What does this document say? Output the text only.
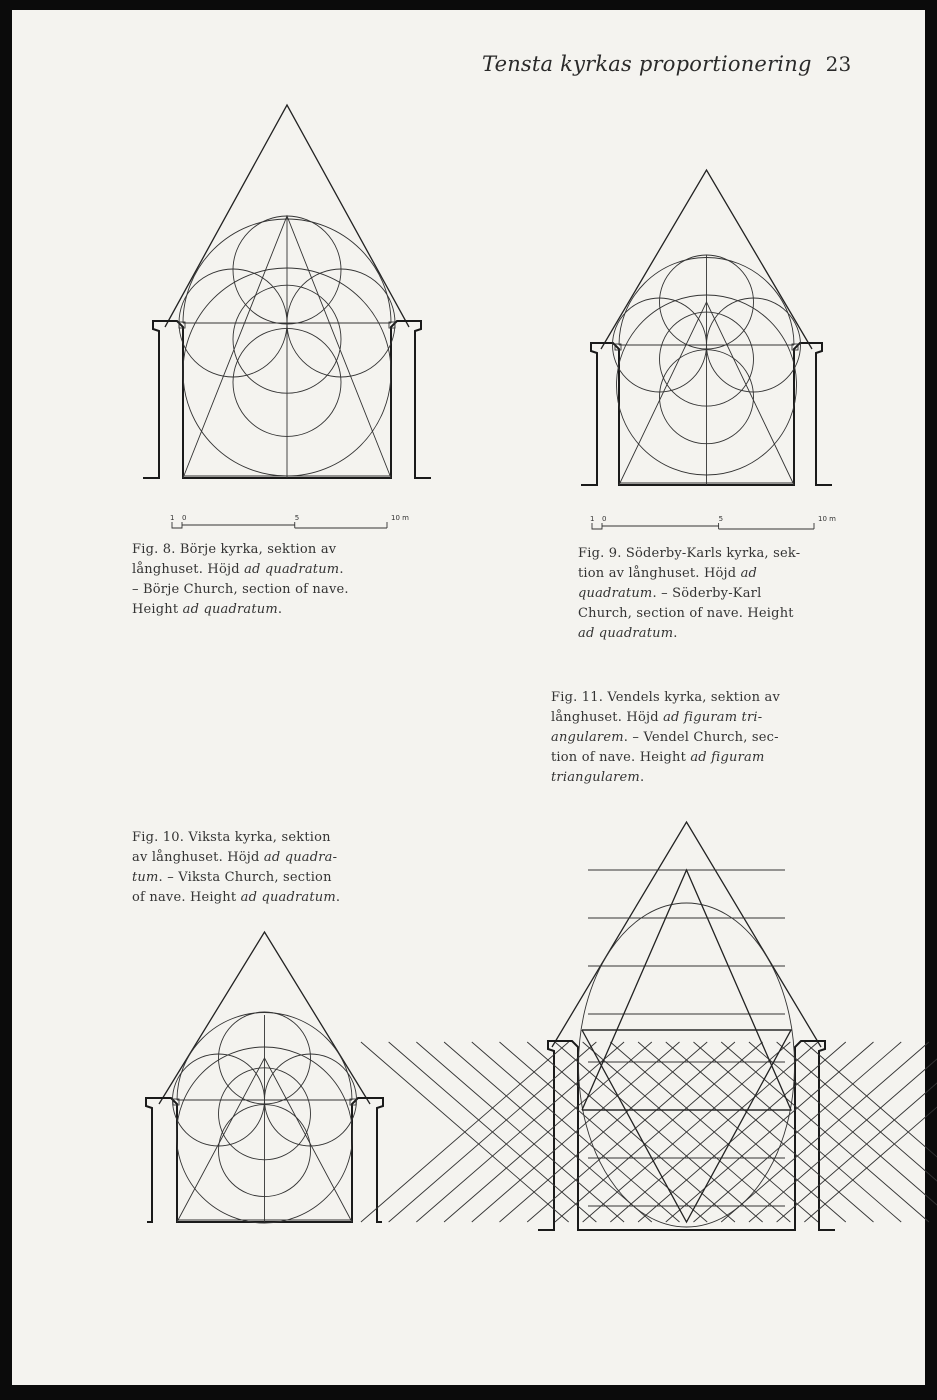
Tensta kyrkas proportionering 23
Fig. 8. Börje kyrka, sektion av
långhuset. Höjd ad quadratum.
– Börje Church, section of nave.
Height ad quadratum.
Fig. 9. Söderby-Karls kyrka, sek-
tion av långhuset. Höjd ad
quadratum. – Söderby-Karl
Church, section of nave. Height
ad quadratum.
Fig. 11. Vendels kyrka, sektion av
långhuset. Höjd ad figuram tri-
angularem. – Vendel Church, sec-
tion of nave. Height ad figuram
triangularem.
Fig. 10. Viksta kyrka, sektion
av långhuset. Höjd ad quadra-
tum. – Viksta Church, section
of nave. Height ad quadratum.
1 0	5	10 m	1 0	5	10 m
